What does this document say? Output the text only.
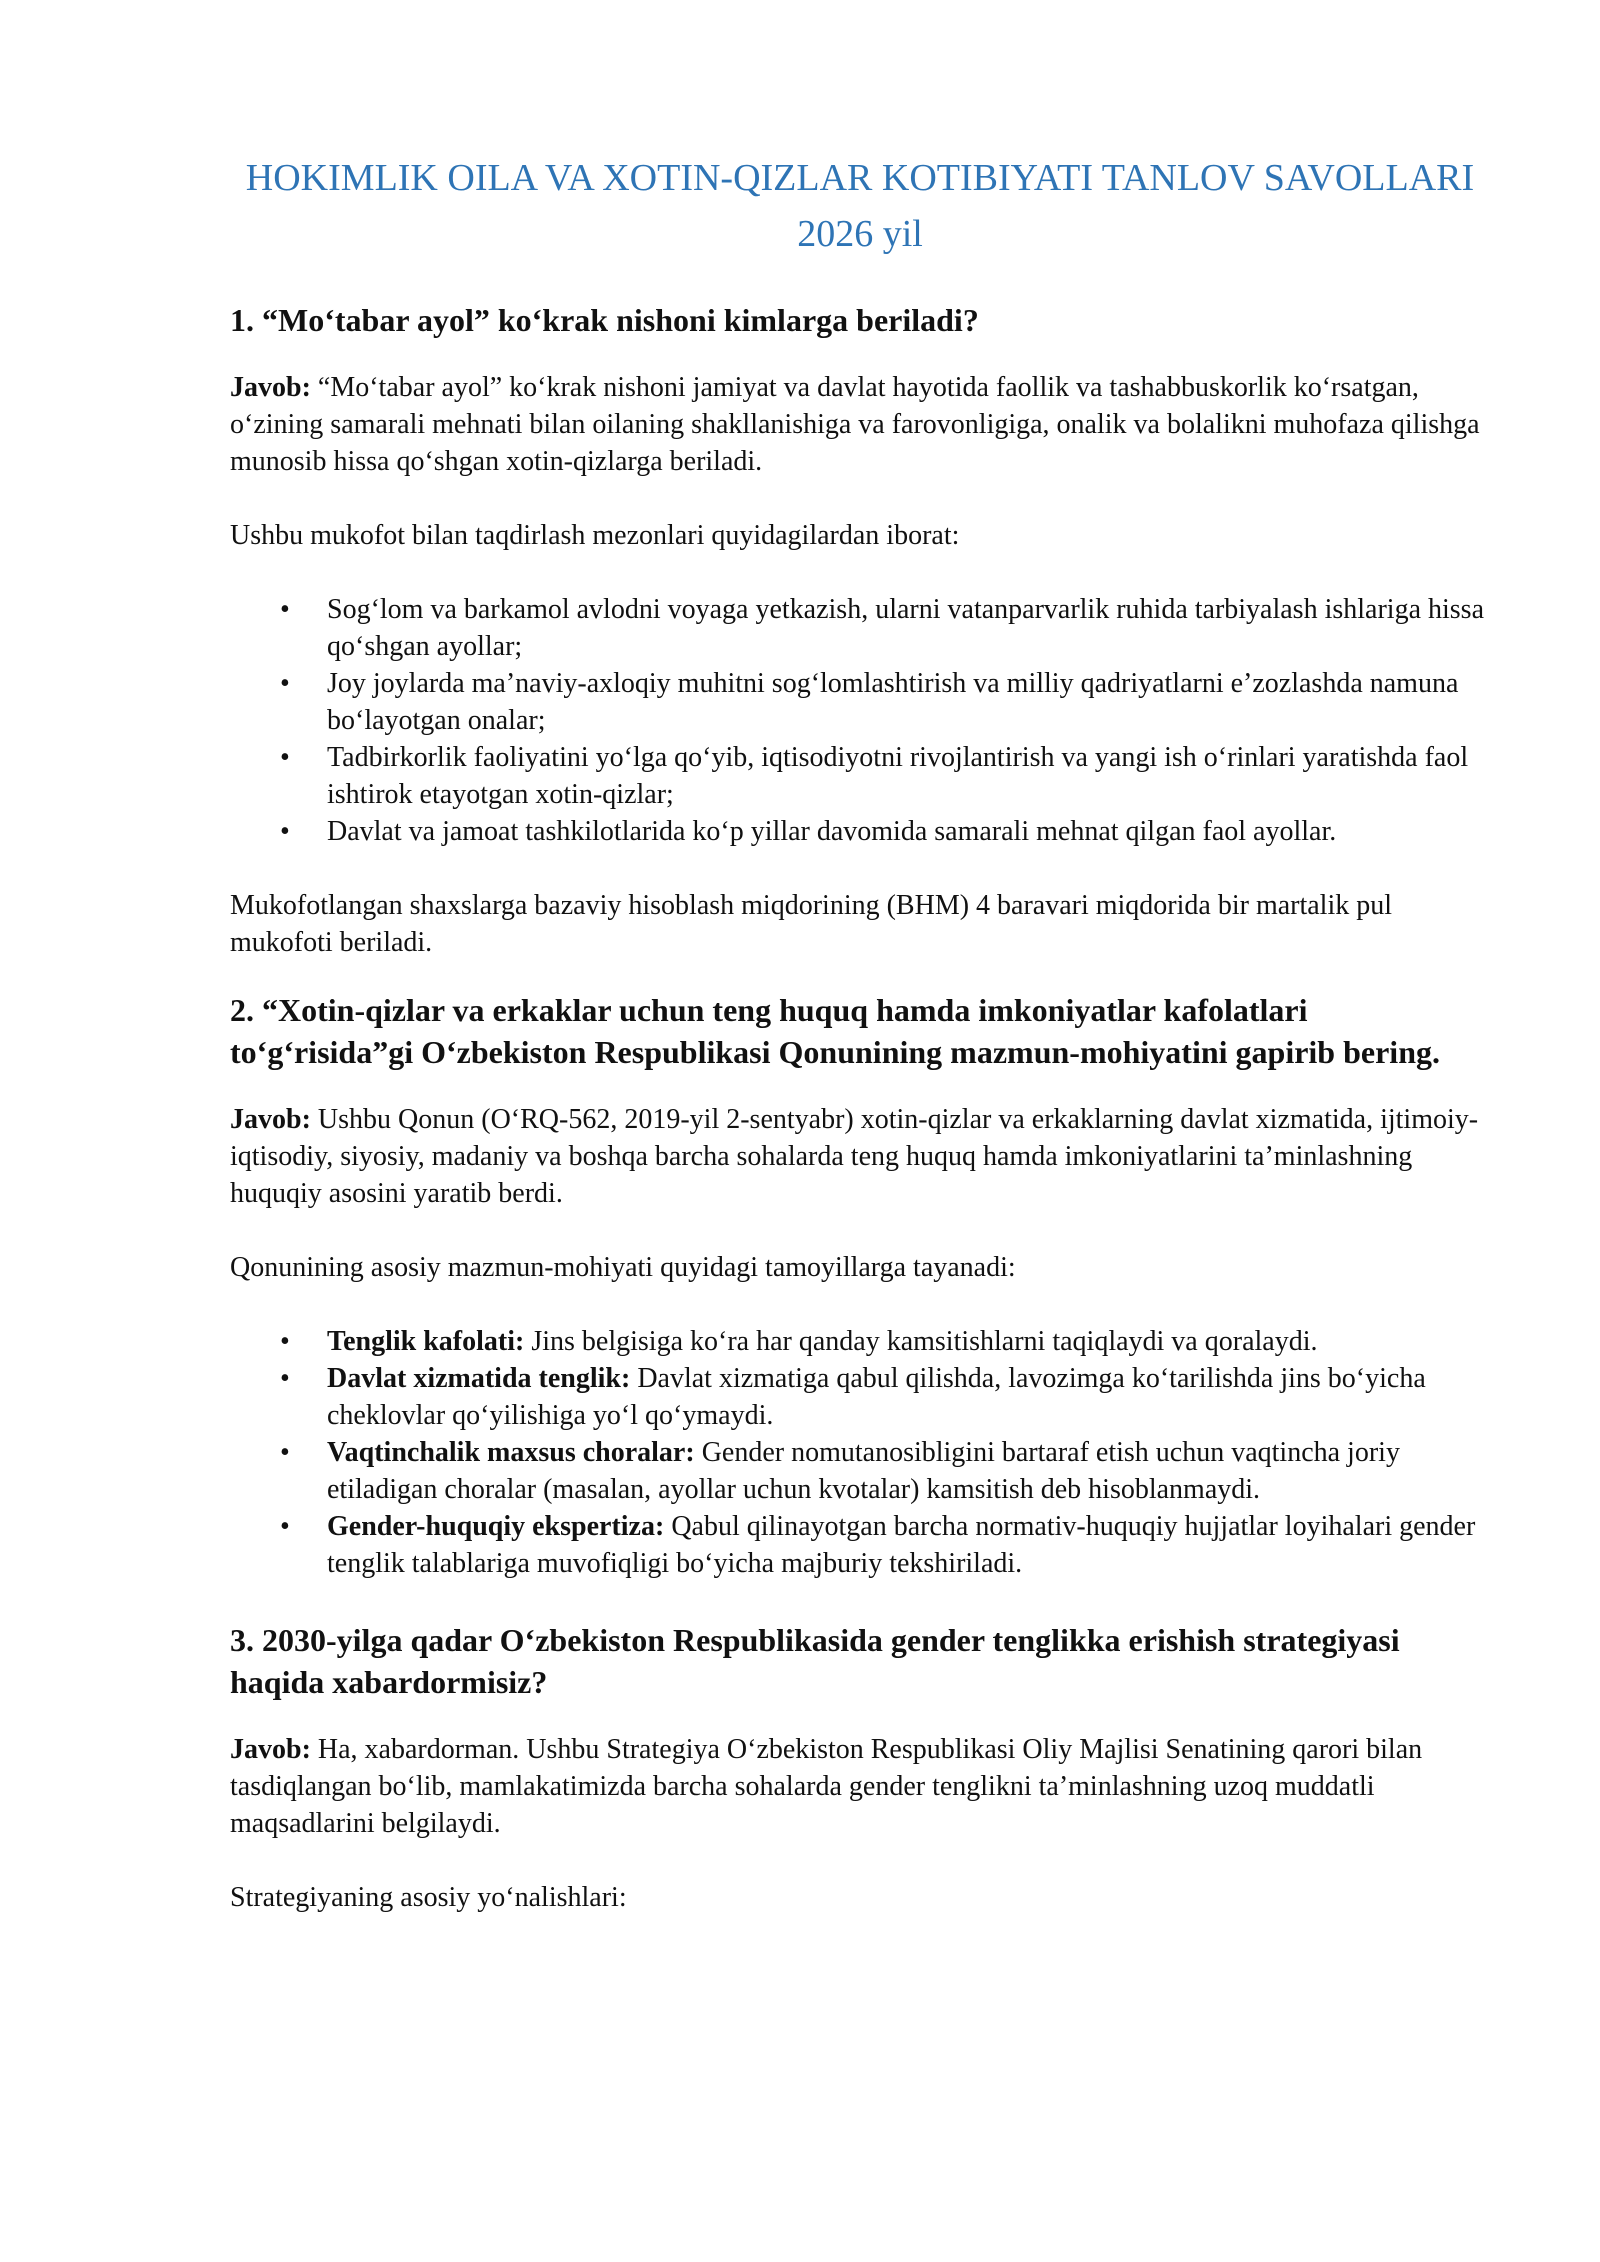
HOKIMLIK OILA VA XOTIN-QIZLAR KOTIBIYATI TANLOV SAVOLLARI 2026 yil
1. “Mo‘tabar ayol” ko‘krak nishoni kimlarga beriladi?

Javob: “Mo‘tabar ayol” ko‘krak nishoni jamiyat va davlat hayotida faollik va tashabbuskorlik ko‘rsatgan, o‘zining samarali mehnati bilan oilaning shakllanishiga va farovonligiga, onalik va bolalikni muhofaza qilishga munosib hissa qo‘shgan xotin-qizlarga beriladi.

Ushbu mukofot bilan taqdirlash mezonlari quyidagilardan iborat:

• Sog‘lom va barkamol avlodni voyaga yetkazish, ularni vatanparvarlik ruhida tarbiyalash ishlariga hissa qo‘shgan ayollar;
• Joy joylarda ma’naviy-axloqiy muhitni sog‘lomlashtirish va milliy qadriyatlarni e’zozlashda namuna bo‘layotgan onalar;
• Tadbirkorlik faoliyatini yo‘lga qo‘yib, iqtisodiyotni rivojlantirish va yangi ish o‘rinlari yaratishda faol ishtirok etayotgan xotin-qizlar;
• Davlat va jamoat tashkilotlarida ko‘p yillar davomida samarali mehnat qilgan faol ayollar.

Mukofotlangan shaxslarga bazaviy hisoblash miqdorining (BHM) 4 baravari miqdorida bir martalik pul mukofoti beriladi.

2. “Xotin-qizlar va erkaklar uchun teng huquq hamda imkoniyatlar kafolatlari to‘g‘risida”gi O‘zbekiston Respublikasi Qonunining mazmun-mohiyatini gapirib bering.

Javob: Ushbu Qonun (O‘RQ-562, 2019-yil 2-sentyabr) xotin-qizlar va erkaklarning davlat xizmatida, ijtimoiy-iqtisodiy, siyosiy, madaniy va boshqa barcha sohalarda teng huquq hamda imkoniyatlarini ta’minlashning huquqiy asosini yaratib berdi.

Qonunining asosiy mazmun-mohiyati quyidagi tamoyillarga tayanadi:

• Tenglik kafolati: Jins belgisiga ko‘ra har qanday kamsitishlarni taqiqlaydi va qoralaydi.
• Davlat xizmatida tenglik: Davlat xizmatiga qabul qilishda, lavozimga ko‘tarilishda jins bo‘yicha cheklovlar qo‘yilishiga yo‘l qo‘ymaydi.
• Vaqtinchalik maxsus choralar: Gender nomutanosibligini bartaraf etish uchun vaqtincha joriy etiladigan choralar (masalan, ayollar uchun kvotalar) kamsitish deb hisoblanmaydi.
• Gender-huquqiy ekspertiza: Qabul qilinayotgan barcha normativ-huquqiy hujjatlar loyihalari gender tenglik talablariga muvofiqligi bo‘yicha majburiy tekshiriladi.
3. 2030-yilga qadar O‘zbekiston Respublikasida gender tenglikka erishish strategiyasi haqida xabardormisiz?

Javob: Ha, xabardorman. Ushbu Strategiya O‘zbekiston Respublikasi Oliy Majlisi Senatining qarori bilan tasdiqlangan bo‘lib, mamlakatimizda barcha sohalarda gender tenglikni ta’minlashning uzoq muddatli maqsadlarini belgilaydi.

Strategiyaning asosiy yo‘nalishlari:
